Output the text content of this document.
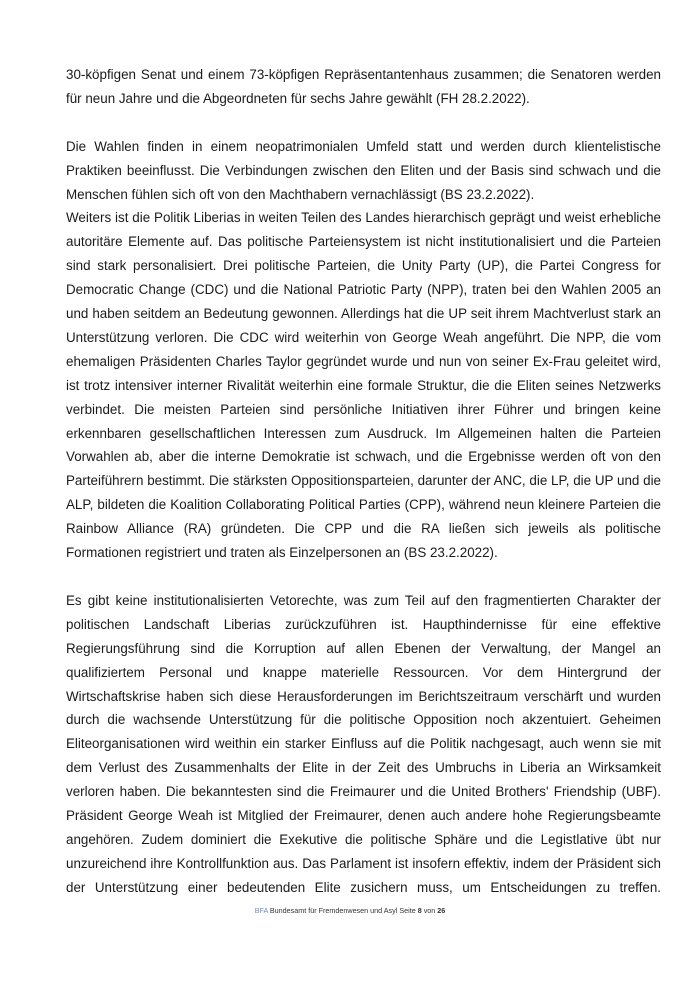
30-köpfigen Senat und einem 73-köpfigen Repräsentantenhaus zusammen; die Senatoren werden für neun Jahre und die Abgeordneten für sechs Jahre gewählt (FH 28.2.2022).

Die Wahlen finden in einem neopatrimonialen Umfeld statt und werden durch klientelistische Praktiken beeinflusst. Die Verbindungen zwischen den Eliten und der Basis sind schwach und die Menschen fühlen sich oft von den Machthabern vernachlässigt (BS 23.2.2022).

Weiters ist die Politik Liberias in weiten Teilen des Landes hierarchisch geprägt und weist erhebliche autoritäre Elemente auf. Das politische Parteiensystem ist nicht institutionalisiert und die Parteien sind stark personalisiert. Drei politische Parteien, die Unity Party (UP), die Partei Congress for Democratic Change (CDC) und die National Patriotic Party (NPP), traten bei den Wahlen 2005 an und haben seitdem an Bedeutung gewonnen. Allerdings hat die UP seit ihrem Machtverlust stark an Unterstützung verloren. Die CDC wird weiterhin von George Weah angeführt. Die NPP, die vom ehemaligen Präsidenten Charles Taylor gegründet wurde und nun von seiner Ex-Frau geleitet wird, ist trotz intensiver interner Rivalität weiterhin eine formale Struktur, die die Eliten seines Netzwerks verbindet. Die meisten Parteien sind persönliche Initiativen ihrer Führer und bringen keine erkennbaren gesellschaftlichen Interessen zum Ausdruck. Im Allgemeinen halten die Parteien Vorwahlen ab, aber die interne Demokratie ist schwach, und die Ergebnisse werden oft von den Parteiführern bestimmt. Die stärksten Oppositionsparteien, darunter der ANC, die LP, die UP und die ALP, bildeten die Koalition Collaborating Political Parties (CPP), während neun kleinere Parteien die Rainbow Alliance (RA) gründeten. Die CPP und die RA ließen sich jeweils als politische Formationen registriert und traten als Einzelpersonen an (BS 23.2.2022).

Es gibt keine institutionalisierten Vetorechte, was zum Teil auf den fragmentierten Charakter der politischen Landschaft Liberias zurückzuführen ist. Haupthindernisse für eine effektive Regierungsführung sind die Korruption auf allen Ebenen der Verwaltung, der Mangel an qualifiziertem Personal und knappe materielle Ressourcen. Vor dem Hintergrund der Wirtschaftskrise haben sich diese Herausforderungen im Berichtszeitraum verschärft und wurden durch die wachsende Unterstützung für die politische Opposition noch akzentuiert. Geheimen Eliteorganisationen wird weithin ein starker Einfluss auf die Politik nachgesagt, auch wenn sie mit dem Verlust des Zusammenhalts der Elite in der Zeit des Umbruchs in Liberia an Wirksamkeit verloren haben. Die bekanntesten sind die Freimaurer und die United Brothers' Friendship (UBF). Präsident George Weah ist Mitglied der Freimaurer, denen auch andere hohe Regierungsbeamte angehören. Zudem dominiert die Exekutive die politische Sphäre und die Legistlative übt nur unzureichend ihre Kontrollfunktion aus. Das Parlament ist insofern effektiv, indem der Präsident sich der Unterstützung einer bedeutenden Elite zusichern muss, um Entscheidungen zu treffen.

BFA Bundesamt für Fremdenwesen und Asyl Seite 8 von 26
